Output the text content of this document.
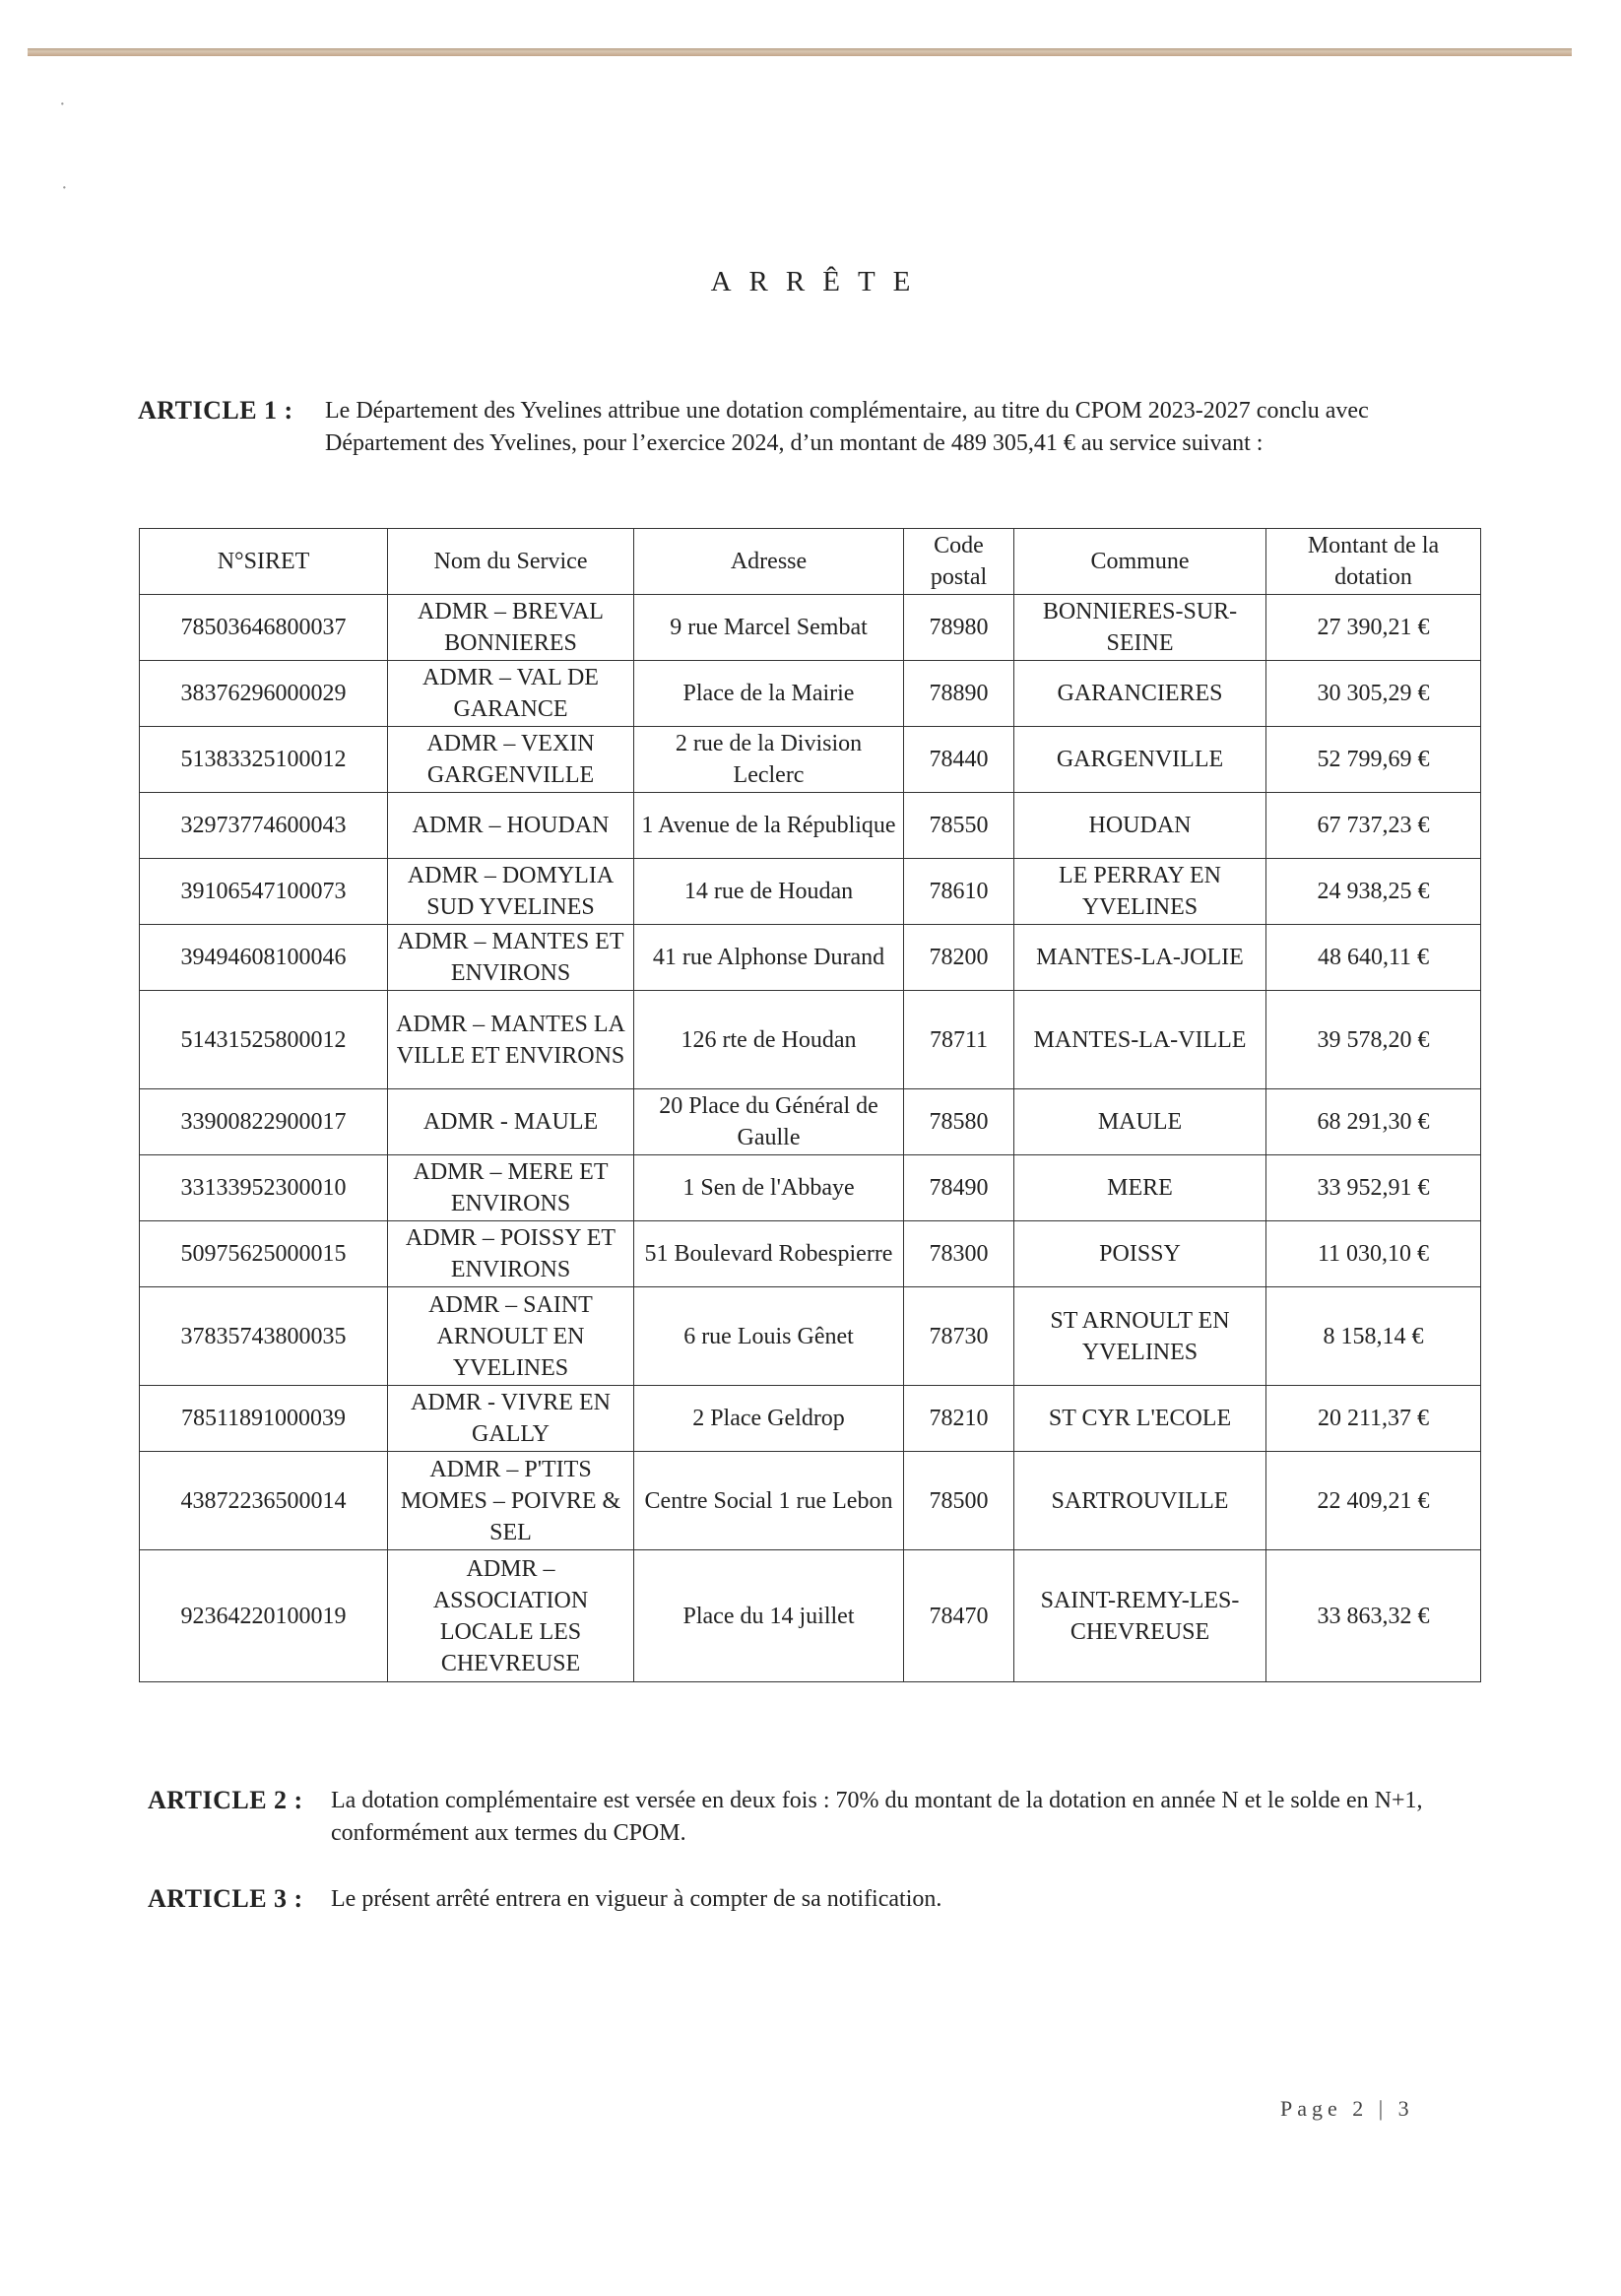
·
·
ARRÊTE
ARTICLE 1 : Le Département des Yvelines attribue une dotation complémentaire, au titre du CPOM 2023-2027 conclu avec Département des Yvelines, pour l’exercice 2024, d’un montant de 489 305,41 € au service suivant :
N°SIRET	Nom du Service	Adresse	Code postal	Commune	Montant de la dotation
78503646800037	ADMR – BREVAL BONNIERES	9 rue Marcel Sembat	78980	BONNIERES-SUR-SEINE	27 390,21 €
38376296000029	ADMR – VAL DE GARANCE	Place de la Mairie	78890	GARANCIERES	30 305,29 €
51383325100012	ADMR – VEXIN GARGENVILLE	2 rue de la Division Leclerc	78440	GARGENVILLE	52 799,69 €
32973774600043	ADMR – HOUDAN	1 Avenue de la République	78550	HOUDAN	67 737,23 €
39106547100073	ADMR – DOMYLIA SUD YVELINES	14 rue de Houdan	78610	LE PERRAY EN YVELINES	24 938,25 €
39494608100046	ADMR – MANTES ET ENVIRONS	41 rue Alphonse Durand	78200	MANTES-LA-JOLIE	48 640,11 €
51431525800012	ADMR – MANTES LA VILLE ET ENVIRONS	126 rte de Houdan	78711	MANTES-LA-VILLE	39 578,20 €
33900822900017	ADMR - MAULE	20 Place du Général de Gaulle	78580	MAULE	68 291,30 €
33133952300010	ADMR – MERE ET ENVIRONS	1 Sen de l'Abbaye	78490	MERE	33 952,91 €
50975625000015	ADMR – POISSY ET ENVIRONS	51 Boulevard Robespierre	78300	POISSY	11 030,10 €
37835743800035	ADMR – SAINT ARNOULT EN YVELINES	6 rue Louis Gênet	78730	ST ARNOULT EN YVELINES	8 158,14 €
78511891000039	ADMR - VIVRE EN GALLY	2 Place Geldrop	78210	ST CYR L'ECOLE	20 211,37 €
43872236500014	ADMR – P'TITS MOMES – POIVRE & SEL	Centre Social 1 rue Lebon	78500	SARTROUVILLE	22 409,21 €
92364220100019	ADMR – ASSOCIATION LOCALE LES CHEVREUSE	Place du 14 juillet	78470	SAINT-REMY-LES-CHEVREUSE	33 863,32 €
ARTICLE 2 : La dotation complémentaire est versée en deux fois : 70% du montant de la dotation en année N et le solde en N+1, conformément aux termes du CPOM.
ARTICLE 3 : Le présent arrêté entrera en vigueur à compter de sa notification.
Page 2 | 3
